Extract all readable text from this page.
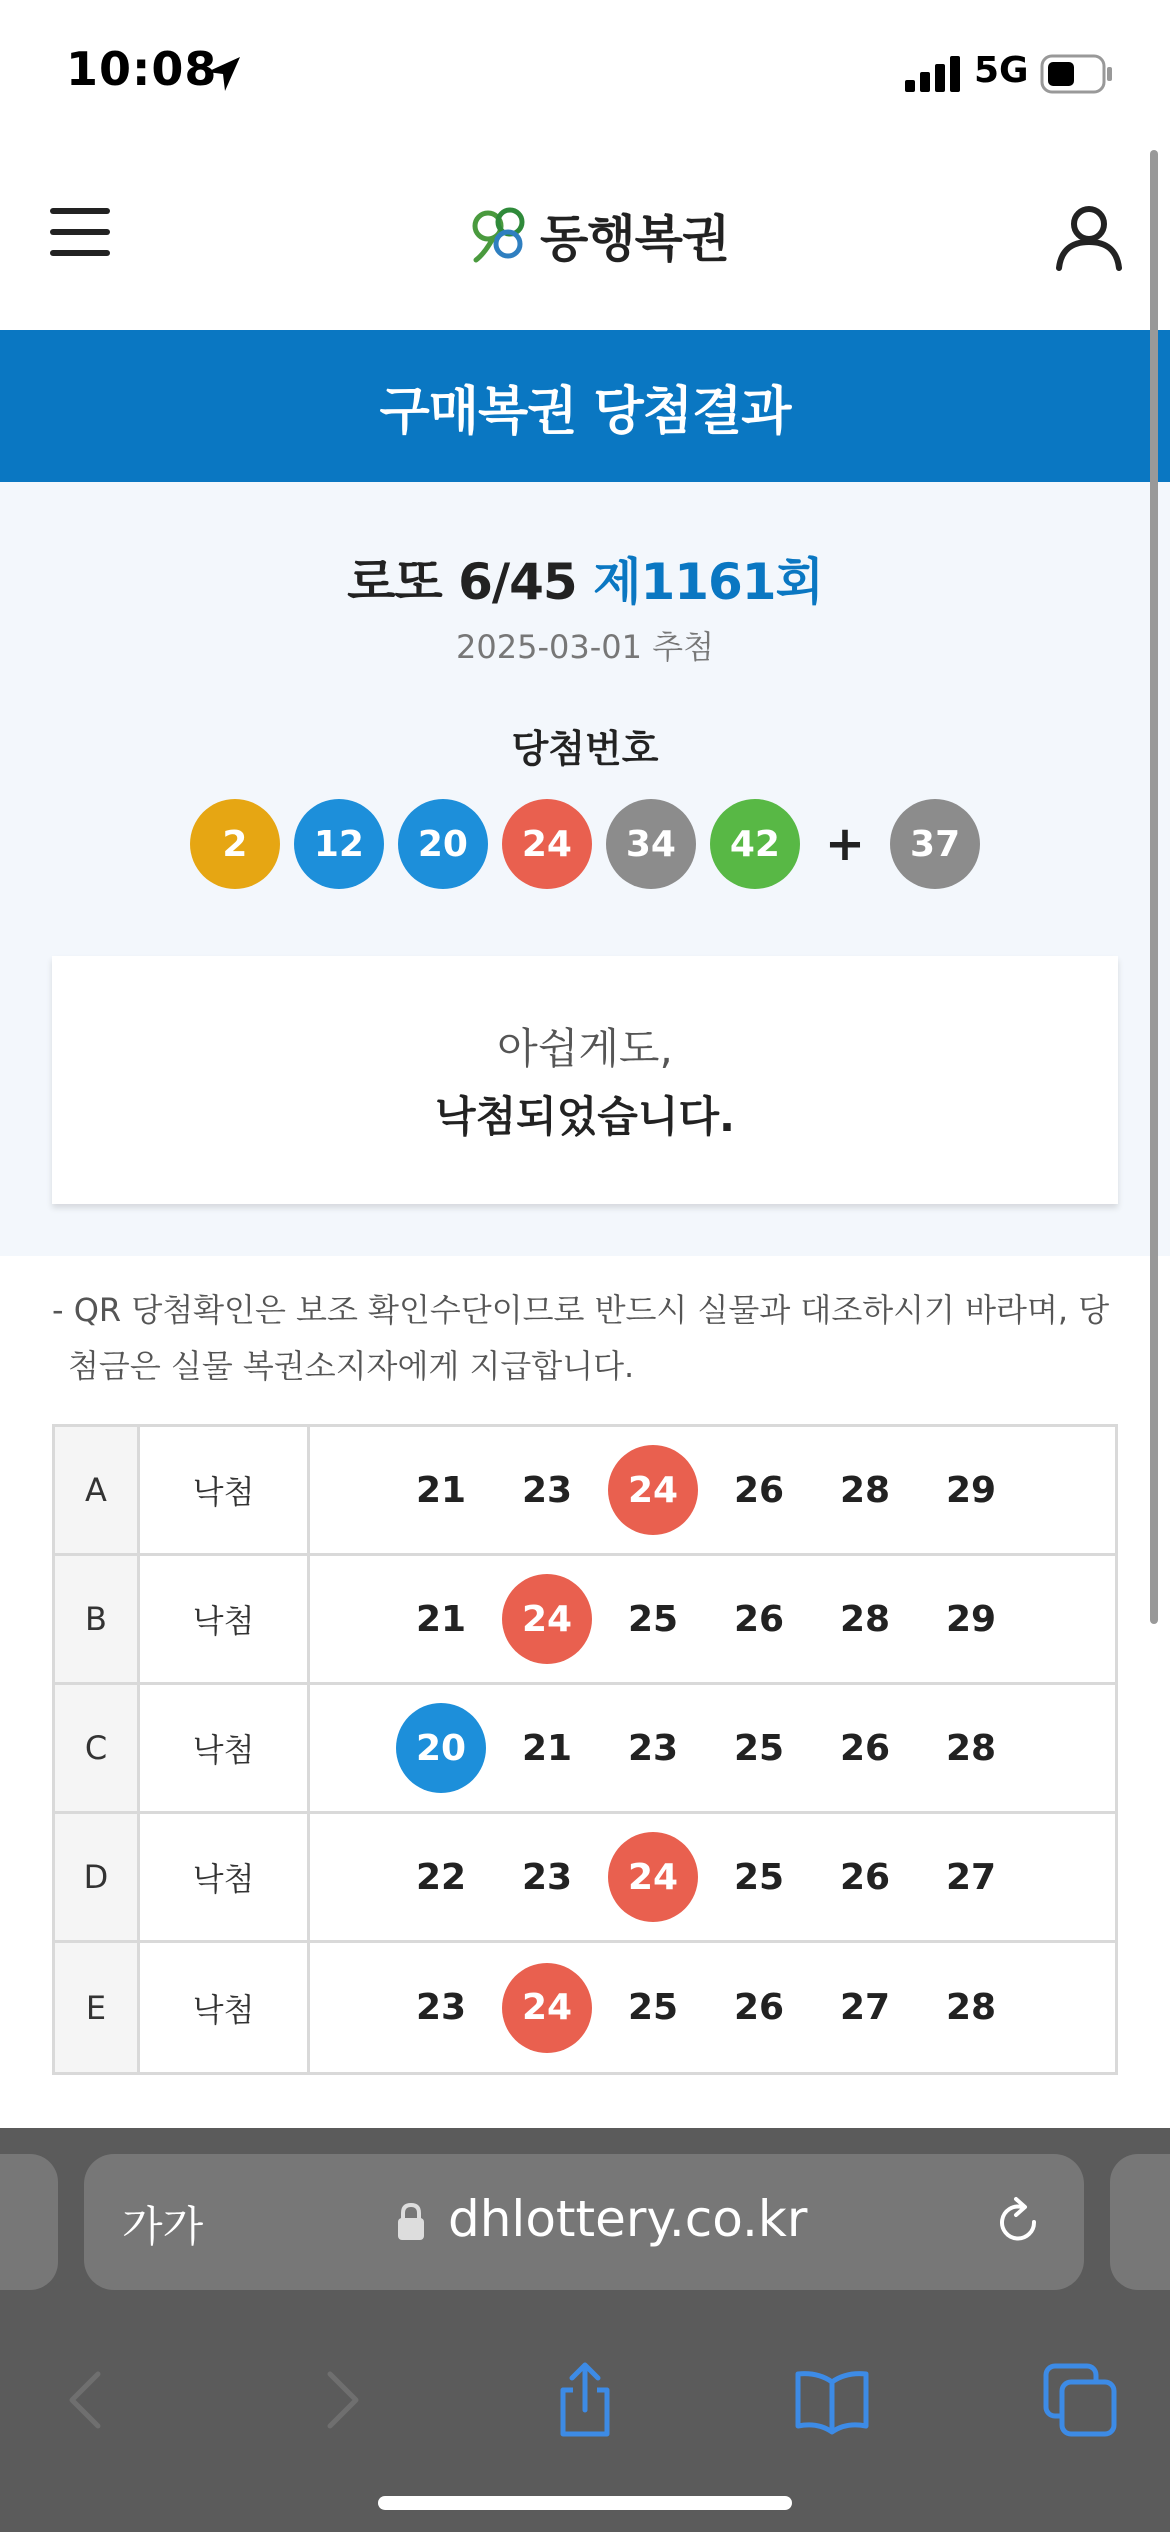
10:08	5G
동행복권
구매복권 당첨결과
로또 6/45 제1161회
2025-03-01 추첨
당첨번호
2	12	20	24	34	42 +	37
아쉽게도,
낙첨되었습니다.
- QR 당첨확인은 보조 확인수단이므로 반드시 실물과 대조하시기 바라며, 당첨금은 실물 복권소지자에게 지급합니다.
A	낙첨	21	23	24	26	28	29
B	낙첨	21	24	25	26	28	29
C	낙첨	20	21	23	25	26	28
D	낙첨	22	23	24	25	26	27
E	낙첨	23	24	25	26	27	28
가가	dhlottery.co.kr
